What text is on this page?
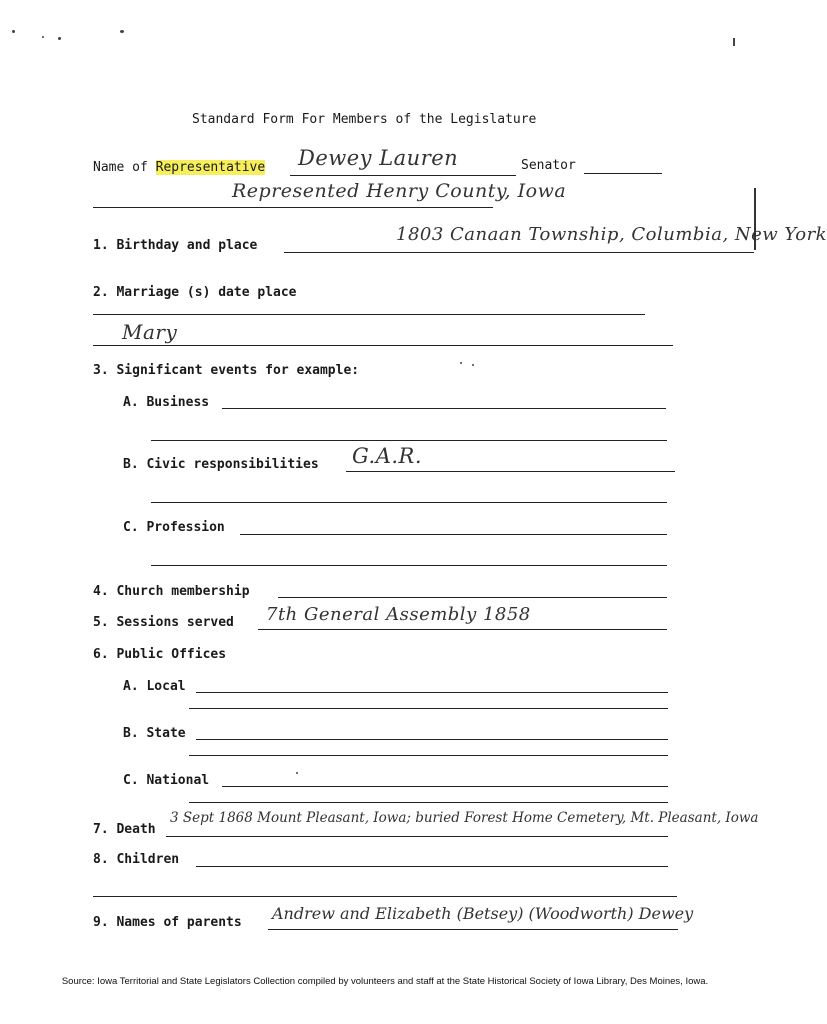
Standard Form For Members of the Legislature
Name of Representative Dewey Lauren	Senator
Represented Henry County, Iowa
1. Birthday and place
1803 Canaan Township, Columbia, New York
2. Marriage (s) date place
Mary
3. Significant events for example:
A. Business
B. Civic responsibilities G.A.R.
C. Profession
4. Church membership
5. Sessions served 7th General Assembly 1858
6. Public Offices
A. Local
B. State
C. National
7. Death
3 Sept 1868 Mount Pleasant, Iowa; buried Forest Home Cemetery, Mt. Pleasant, Iowa
8. Children
9. Names of parents Andrew and Elizabeth (Betsey) (Woodworth) Dewey
Source: Iowa Territorial and State Legislators Collection compiled by volunteers and staff at the State Historical Society of Iowa Library, Des Moines, Iowa.
